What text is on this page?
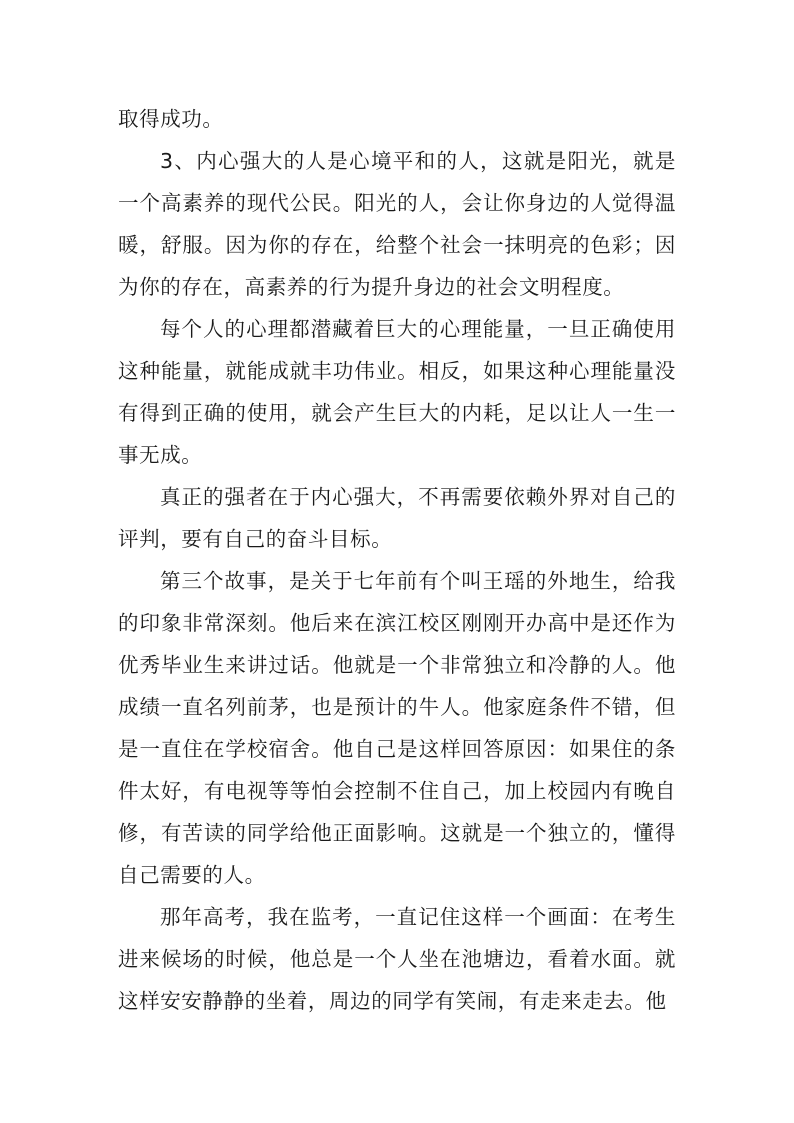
取得成功。

3、内心强大的人是心境平和的人，这就是阳光，就是一个高素养的现代公民。阳光的人，会让你身边的人觉得温暖，舒服。因为你的存在，给整个社会一抹明亮的色彩；因为你的存在，高素养的行为提升身边的社会文明程度。

每个人的心理都潜藏着巨大的心理能量，一旦正确使用这种能量，就能成就丰功伟业。相反，如果这种心理能量没有得到正确的使用，就会产生巨大的内耗，足以让人一生一事无成。

真正的强者在于内心强大，不再需要依赖外界对自己的评判，要有自己的奋斗目标。

第三个故事，是关于七年前有个叫王瑶的外地生，给我的印象非常深刻。他后来在滨江校区刚刚开办高中是还作为优秀毕业生来讲过话。他就是一个非常独立和冷静的人。他成绩一直名列前茅，也是预计的牛人。他家庭条件不错，但是一直住在学校宿舍。他自己是这样回答原因：如果住的条件太好，有电视等等怕会控制不住自己，加上校园内有晚自修，有苦读的同学给他正面影响。这就是一个独立的，懂得自己需要的人。

那年高考，我在监考，一直记住这样一个画面：在考生进来候场的时候，他总是一个人坐在池塘边，看着水面。就这样安安静静的坐着，周边的同学有笑闹，有走来走去。他
